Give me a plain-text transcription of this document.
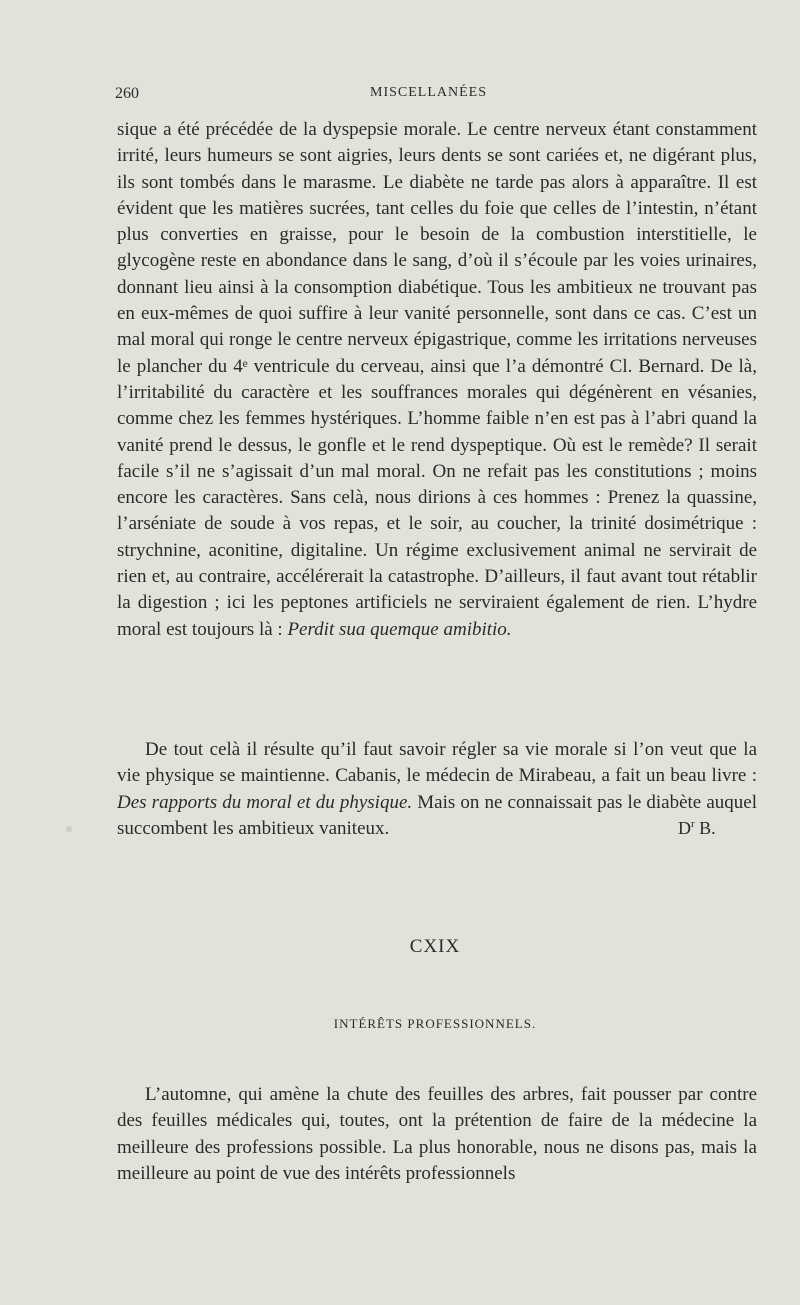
260	MISCELLANÉES

sique a été précédée de la dyspepsie morale. Le centre nerveux étant constamment irrité, leurs humeurs se sont aigries, leurs dents se sont cariées et, ne digérant plus, ils sont tombés dans le marasme. Le diabète ne tarde pas alors à apparaître. Il est évident que les matières sucrées, tant celles du foie que celles de l’intestin, n’étant plus converties en graisse, pour le besoin de la combustion interstitielle, le glycogène reste en abondance dans le sang, d’où il s’écoule par les voies urinaires, donnant lieu ainsi à la consomption diabétique. Tous les ambitieux ne trouvant pas en eux-mêmes de quoi suffire à leur vanité personnelle, sont dans ce cas. C’est un mal moral qui ronge le centre nerveux épigastrique, comme les irritations nerveuses le plancher du 4ᵉ ventricule du cerveau, ainsi que l’a démontré Cl. Bernard. De là, l’irritabilité du caractère et les souffrances morales qui dégénèrent en vésanies, comme chez les femmes hystériques. L’homme faible n’en est pas à l’abri quand la vanité prend le dessus, le gonfle et le rend dyspeptique. Où est le remède? Il serait facile s’il ne s’agissait d’un mal moral. On ne refait pas les constitutions ; moins encore les caractères. Sans celà, nous dirions à ces hommes : Prenez la quassine, l’arséniate de soude à vos repas, et le soir, au coucher, la trinité dosimétrique : strychnine, aconitine, digitaline. Un régime exclusivement animal ne servirait de rien et, au contraire, accélérerait la catastrophe. D’ailleurs, il faut avant tout rétablir la digestion ; ici les peptones artificiels ne serviraient également de rien. L’hydre moral est toujours là : Perdit sua quemque amibitio.

De tout celà il résulte qu’il faut savoir régler sa vie morale si l’on veut que la vie physique se maintienne. Cabanis, le médecin de Mirabeau, a fait un beau livre : Des rapports du moral et du physique. Mais on ne connaissait pas le diabète auquel succombent les ambitieux vaniteux.	$D^r$ B.
CXIX
INTÉRÊTS PROFESSIONNELS.

L’automne, qui amène la chute des feuilles des arbres, fait pousser par contre des feuilles médicales qui, toutes, ont la prétention de faire de la médecine la meilleure des professions possible. La plus honorable, nous ne disons pas, mais la meilleure au point de vue des intérêts professionnels
